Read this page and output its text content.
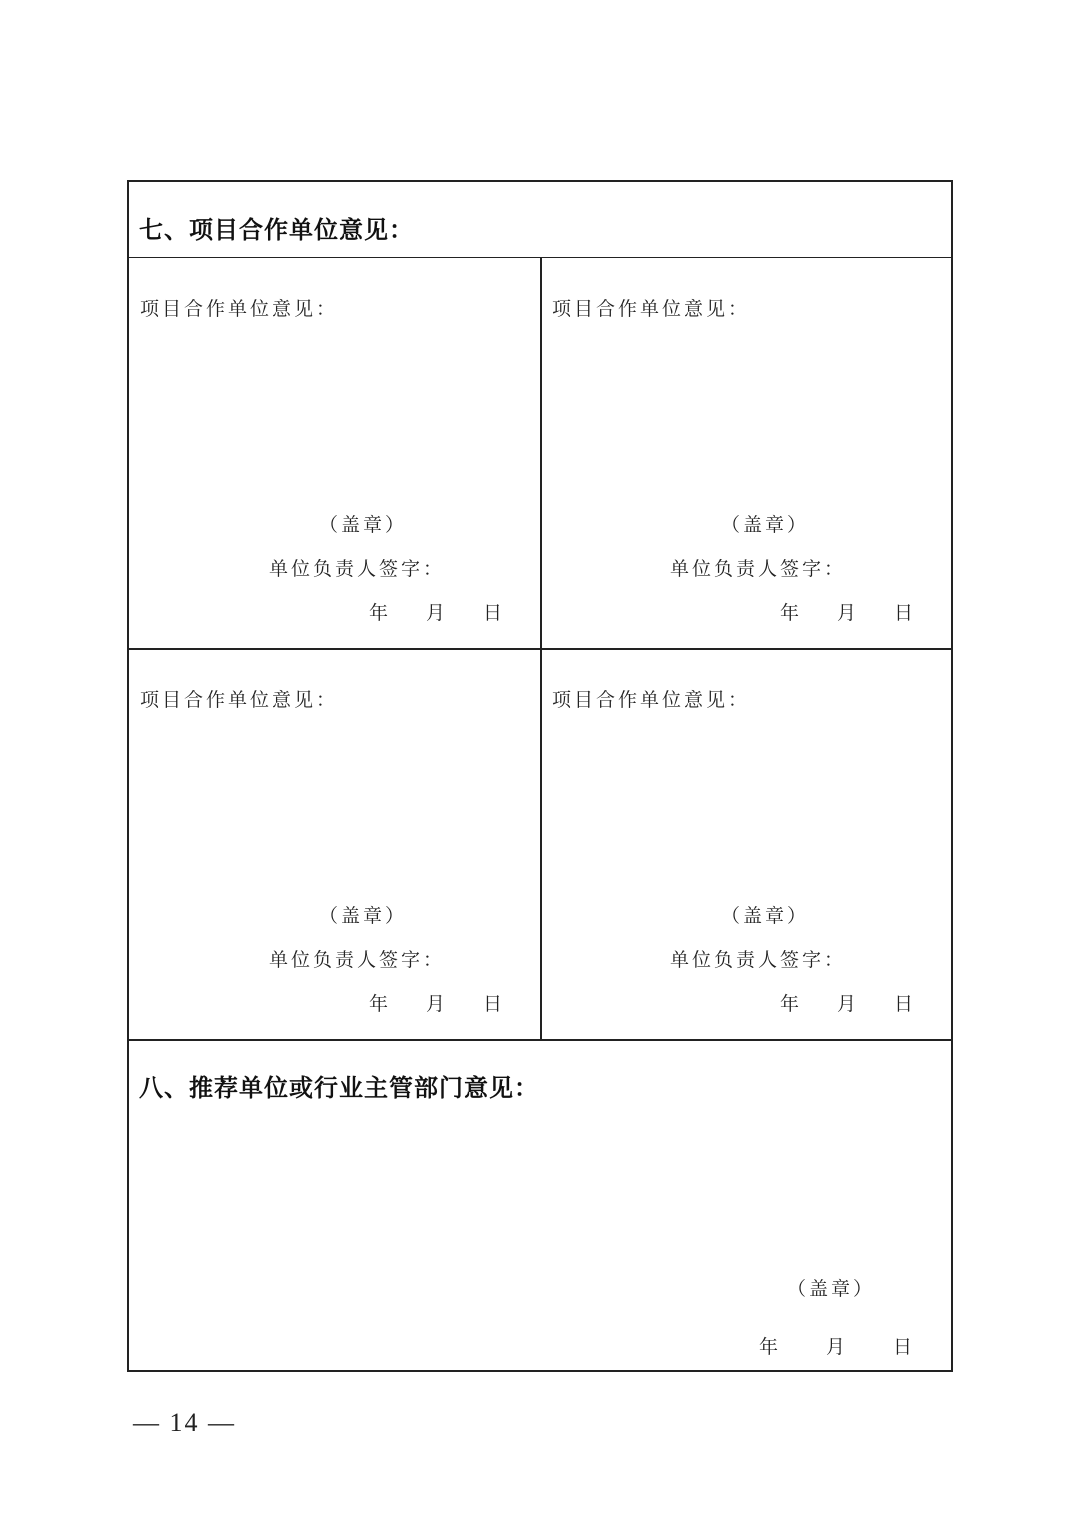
七、项目合作单位意见：
项目合作单位意见：
（盖章）
单位负责人签字：
年 月 日
项目合作单位意见：
（盖章）
单位负责人签字：
年 月 日
项目合作单位意见：
（盖章）
单位负责人签字：
年 月 日
项目合作单位意见：
（盖章）
单位负责人签字：
年 月 日
八、推荐单位或行业主管部门意见：
（盖章）
年	月	日
— 14 —
